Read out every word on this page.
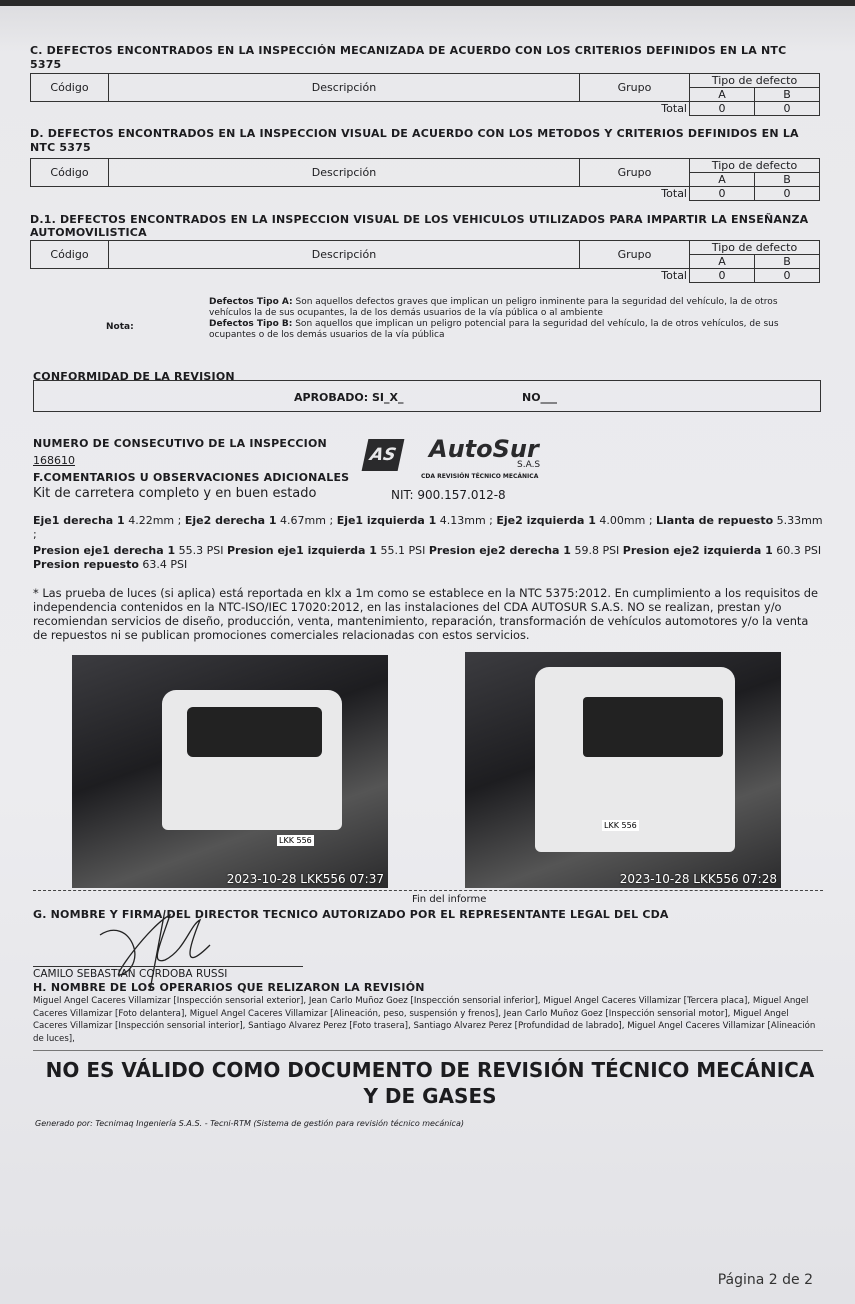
C. DEFECTOS ENCONTRADOS EN LA INSPECCIÓN MECANIZADA DE ACUERDO CON LOS CRITERIOS DEFINIDOS EN LA NTC 5375
Código	Descripción	Grupo	Tipo de defecto	
			A	B
		Total	0	0
D. DEFECTOS ENCONTRADOS EN LA INSPECCION VISUAL DE ACUERDO CON LOS METODOS Y CRITERIOS DEFINIDOS EN LA NTC 5375
Código	Descripción	Grupo	Tipo de defecto	
			A	B
		Total	0	0
D.1. DEFECTOS ENCONTRADOS EN LA INSPECCION VISUAL DE LOS VEHICULOS UTILIZADOS PARA IMPARTIR LA ENSEÑANZA AUTOMOVILISTICA
Código	Descripción	Grupo	Tipo de defecto	
			A	B
		Total	0	0
Nota:
Defectos Tipo A: Son aquellos defectos graves que implican un peligro inminente para la seguridad del vehículo, la de otros vehículos la de sus ocupantes, la de los demás usuarios de la vía pública o al ambiente
Defectos Tipo B: Son aquellos que implican un peligro potencial para la seguridad del vehículo, la de otros vehículos, de sus ocupantes o de los demás usuarios de la vía pública
CONFORMIDAD DE LA REVISION
APROBADO: SI_X_	NO___
NUMERO DE CONSECUTIVO DE LA INSPECCION
168610
F.COMENTARIOS U OBSERVACIONES ADICIONALES
Kit de carretera completo y en buen estado
AS AutoSur
S.A.S
CDA REVISIÓN TÉCNICO MECÁNICA
NIT: 900.157.012-8
Eje1 derecha 1 4.22mm ; Eje2 derecha 1 4.67mm ; Eje1 izquierda 1 4.13mm ; Eje2 izquierda 1 4.00mm ; Llanta de repuesto 5.33mm ;
Presion eje1 derecha 1 55.3 PSI Presion eje1 izquierda 1 55.1 PSI Presion eje2 derecha 1 59.8 PSI Presion eje2 izquierda 1 60.3 PSI Presion repuesto 63.4 PSI
* Las prueba de luces (si aplica) está reportada en klx a 1m como se establece en la NTC 5375:2012. En cumplimiento a los requisitos de independencia contenidos en la NTC-ISO/IEC 17020:2012, en las instalaciones del CDA AUTOSUR S.A.S. NO se realizan, prestan y/o recomiendan servicios de diseño, producción, venta, mantenimiento, reparación, transformación de vehículos automotores y/o la venta de repuestos ni se publican promociones comerciales relacionadas con estos servicios.
LKK 556
2023-10-28 LKK556 07:37
LKK 556
2023-10-28 LKK556 07:28
Fin del informe
G. NOMBRE Y FIRMA DEL DIRECTOR TECNICO AUTORIZADO POR EL REPRESENTANTE LEGAL DEL CDA
CAMILO SEBASTIAN CORDOBA RUSSI
H. NOMBRE DE LOS OPERARIOS QUE RELIZARON LA REVISIÓN
Miguel Angel Caceres Villamizar [Inspección sensorial exterior], Jean Carlo Muñoz Goez [Inspección sensorial inferior], Miguel Angel Caceres Villamizar [Tercera placa], Miguel Angel Caceres Villamizar [Foto delantera], Miguel Angel Caceres Villamizar [Alineación, peso, suspensión y frenos], Jean Carlo Muñoz Goez [Inspección sensorial motor], Miguel Angel Caceres Villamizar [Inspección sensorial interior], Santiago Alvarez Perez [Foto trasera], Santiago Alvarez Perez [Profundidad de labrado], Miguel Angel Caceres Villamizar [Alineación de luces],
NO ES VÁLIDO COMO DOCUMENTO DE REVISIÓN TÉCNICO MECÁNICA Y DE GASES
Generado por: Tecnimaq Ingeniería S.A.S. - Tecni-RTM (Sistema de gestión para revisión técnico mecánica)
Página 2 de 2
